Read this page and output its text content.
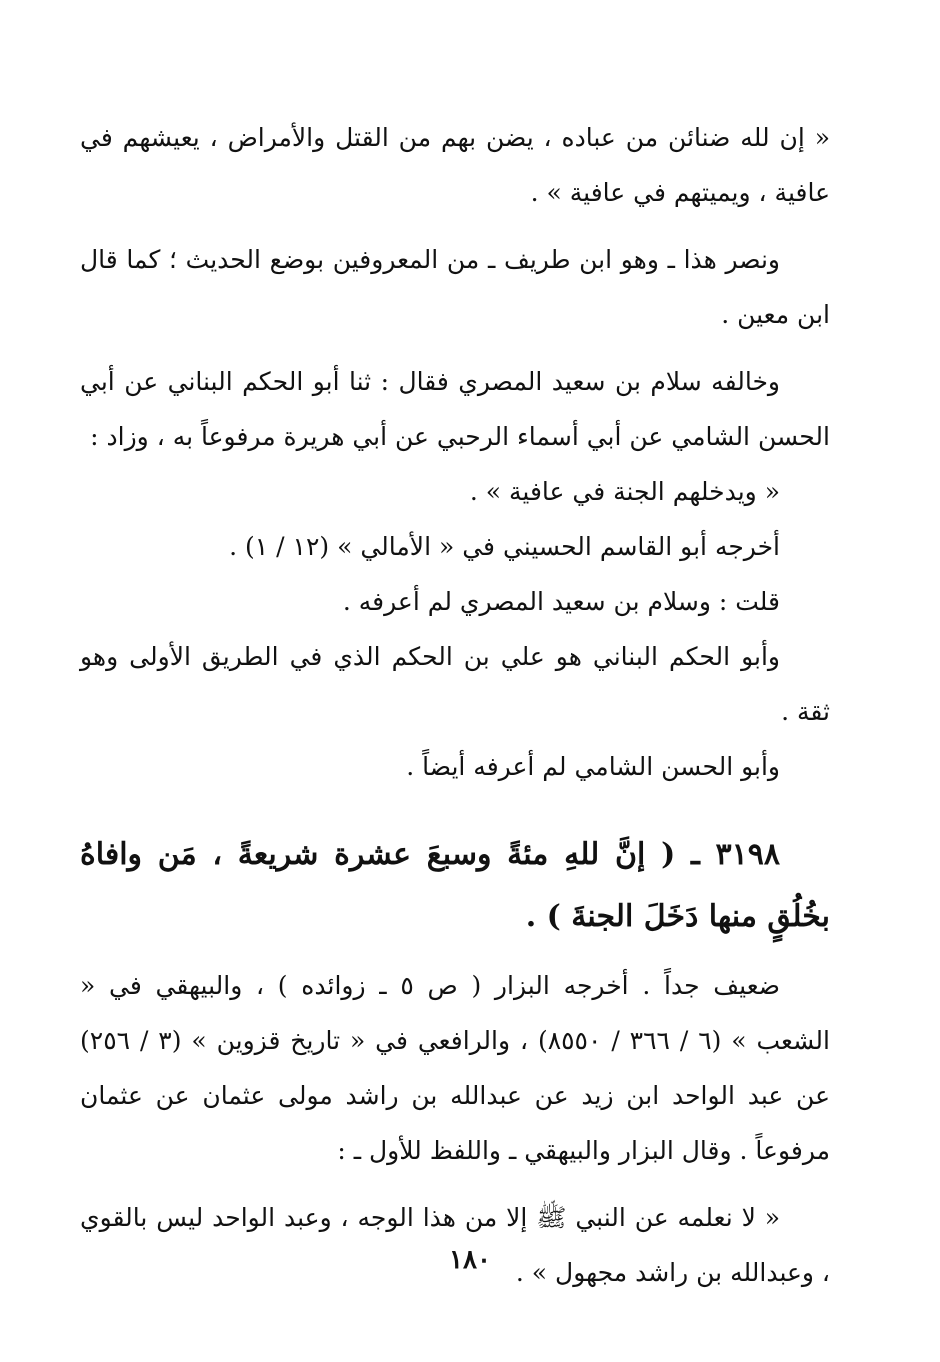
« إن لله ضنائن من عباده ، يضن بهم من القتل والأمراض ، يعيشهم في عافية ، ويميتهم في عافية » .

ونصر هذا ـ وهو ابن طريف ـ من المعروفين بوضع الحديث ؛ كما قال ابن معين .

وخالفه سلام بن سعيد المصري فقال : ثنا أبو الحكم البناني عن أبي الحسن الشامي عن أبي أسماء الرحبي عن أبي هريرة مرفوعاً به ، وزاد :

« ويدخلهم الجنة في عافية » .

أخرجه أبو القاسم الحسيني في « الأمالي » (١٢ / ١) .

قلت : وسلام بن سعيد المصري لم أعرفه .

وأبو الحكم البناني هو علي بن الحكم الذي في الطريق الأولى وهو ثقة .

وأبو الحسن الشامي لم أعرفه أيضاً .

٣١٩٨ ـ ( إنَّ للهِ مئةً وسبعَ عشرة شريعةً ، مَن وافاهُ بخُلُقٍ منها دَخَلَ الجنةَ ) .

ضعيف جداً . أخرجه البزار ( ص ٥ ـ زوائده ) ، والبيهقي في « الشعب » (٦ / ٣٦٦ / ٨٥٥٠) ، والرافعي في « تاريخ قزوين » (٣ / ٢٥٦) عن عبد الواحد ابن زيد عن عبدالله بن راشد مولى عثمان عن عثمان مرفوعاً . وقال البزار والبيهقي ـ واللفظ للأول ـ :

« لا نعلمه عن النبي ﷺ إلا من هذا الوجه ، وعبد الواحد ليس بالقوي ، وعبدالله بن راشد مجهول » .

١٨٠
